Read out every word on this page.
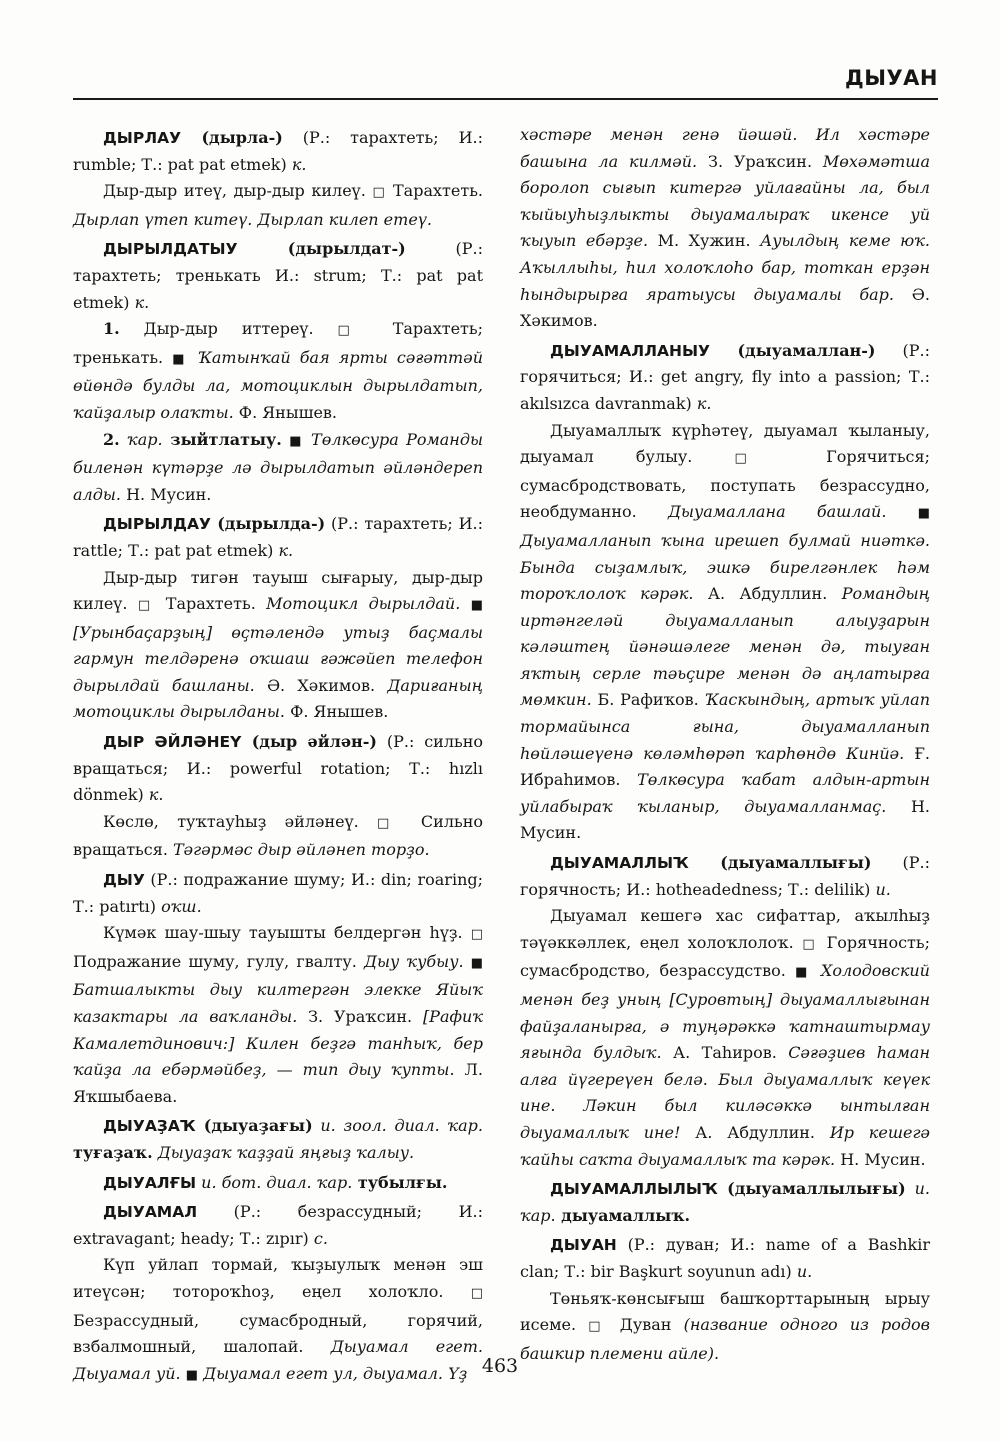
ДЫУАН

ДЫРЛАУ (дырла-) (Р.: тарахтеть; И.: rumble; Т.: pat pat etmek) к.

Дыр-дыр итеү, дыр-дыр килеү. □ Тарахтеть. Дырлап үтеп китеү. Дырлап килеп етеү.

ДЫРЫЛДАТЫУ (дырылдат-) (Р.: тарахтеть; тренькать И.: strum; Т.: pat pat etmek) к.

1. Дыр-дыр иттереү. □ Тарахтеть; тренькать. ■ Ҡатынҡай бая ярты сәғәттәй өйөндә булды ла, мотоциклын дырылдатып, ҡайҙалыр олаҡты. Ф. Янышев.

2. ҡар. зыйтлатыу. ■ Төлкөсура Романды биленән күтәрҙе лә дырылдатып әйләндереп алды. Н. Мусин.

ДЫРЫЛДАУ (дырылда-) (Р.: тарахтеть; И.: rattle; Т.: pat pat etmek) к.

Дыр-дыр тигән тауыш сығарыу, дыр-дыр килеү. □ Тарахтеть. Мотоцикл дырылдай. ■ [Урынбаҫарҙың] өҫтәлендә утыҙ баҫмалы гармун телдәренә оҡшаш ғәжәйеп телефон дырылдай башланы. Ә. Хәкимов. Дариғаның мотоциклы дырылданы. Ф. Янышев.

ДЫР ӘЙЛӘНЕҮ (дыр әйлән-) (Р.: сильно вращаться; И.: powerful rotation; Т.: hızlı dönmek) к.

Көслө, туҡтауһыҙ әйләнеү. □ Сильно вращаться. Тәгәрмәс дыр әйләнеп торҙо.

ДЫУ (Р.: подражание шуму; И.: din; roaring; Т.: patırtı) оҡш.

Күмәк шау-шыу тауышты белдергән һүҙ. □ Подражание шуму, гулу, гвалту. Дыу ҡубыу. ■ Батшалыкты дыу килтергән элекке Яйыҡ казактары ла ваҡланды. З. Ураҡсин. [Рафиҡ Камалетдинович:] Килен беҙгә танһыҡ, бер ҡайҙа ла ебәрмәйбеҙ, — тип дыу ҡупты. Л. Яҡшыбаева.

ДЫУАҘАҠ (дыуаҙағы) и. зоол. диал. ҡар. туғаҙаҡ. Дыуаҙаҡ ҡаҙҙай яңғыҙ ҡалыу.

ДЫУАЛҒЫ и. бот. диал. ҡар. тубылғы.

ДЫУАМАЛ (Р.: безрассудный; И.: extravagant; heady; Т.: zıpır) с.

Күп уйлап тормай, ҡыҙыулыҡ менән эш итеүсән; тотороҡһоҙ, еңел холоҡло. □ Безрассудный, сумасбродный, горячий, взбалмошный, шалопай. Дыуамал егет. Дыуамал уй. ■ Дыуамал егет ул, дыуамал. Үҙ

хәстәре менән генә йәшәй. Ил хәстәре башына ла килмәй. З. Ураҡсин. Мөхәмәтша боролоп сығып китергә уйлағайны ла, был ҡыйыуһыҙлыкты дыуамалыраҡ икенсе уй ҡыуып ебәрҙе. М. Хужин. Ауылдың кеме юҡ. Аҡыллыһы, һил холоҡлоһо бар, тоткан ерҙән һындырырға яратыусы дыуамалы бар. Ә. Хәкимов.

ДЫУАМАЛЛАНЫУ (дыуамаллан-) (Р.: горячиться; И.: get angry, fly into a passion; Т.: akılsızca davranmak) к.

Дыуамаллыҡ күрһәтеү, дыуамал ҡыланыу, дыуамал булыу. □ Горячиться; сумасбродствовать, поступать безрассудно, необдуманно. Дыуамаллана башлай. ■ Дыуамалланып ҡына ирешеп булмай ниәткә. Бында сыҙамлыҡ, эшкә бирелгәнлек һәм тороҡлолоҡ кәрәк. А. Абдуллин. Романдың иртәнгеләй дыуамалланып алыуҙарын кәләштең йәнәшәлеге менән дә, тыуған яҡтың серле тәьҫире менән дә аңлатырға мөмкин. Б. Рафиҡов. Ҡаскындың, артыҡ уйлап тормайынса ғына, дыуамалланып һөйләшеүенә көләмһөрәп ҡарһөндө Кинйә. Ғ. Ибраһимов. Төлкөсура ҡабат алдын-артын уйлабыраҡ ҡыланыр, дыуамалланмаҫ. Н. Мусин.

ДЫУАМАЛЛЫҠ (дыуамаллығы) (Р.: горячность; И.: hotheadedness; Т.: delilik) и.

Дыуамал кешегә хас сифаттар, аҡылһыҙ тәүәккәллек, еңел холоҡлолоҡ. □ Горячность; сумасбродство, безрассудство. ■ Холодовский менән беҙ уның [Суровтың] дыуамаллығынан файҙаланырға, ә туңәрәккә ҡатнаштырмау яғында булдыҡ. А. Таһиров. Сәғәҙиев һаман алға йүгереүен белә. Был дыуамаллыҡ кеүек ине. Ләкин был киләсәккә ынтылған дыуамаллыҡ ине! А. Абдуллин. Ир кешегә ҡайһы саҡта дыуамаллыҡ та кәрәк. Н. Мусин.

ДЫУАМАЛЛЫЛЫҠ (дыуамаллылығы) и. ҡар. дыуамаллыҡ.

ДЫУАН (Р.: дуван; И.: name of a Bashkir clan; Т.: bir Başkurt soyunun adı) и.

Төньяҡ-көнсығыш башҡорттарының ырыу исеме. □ Дуван (название одного из родов башкир племени айле).

463
